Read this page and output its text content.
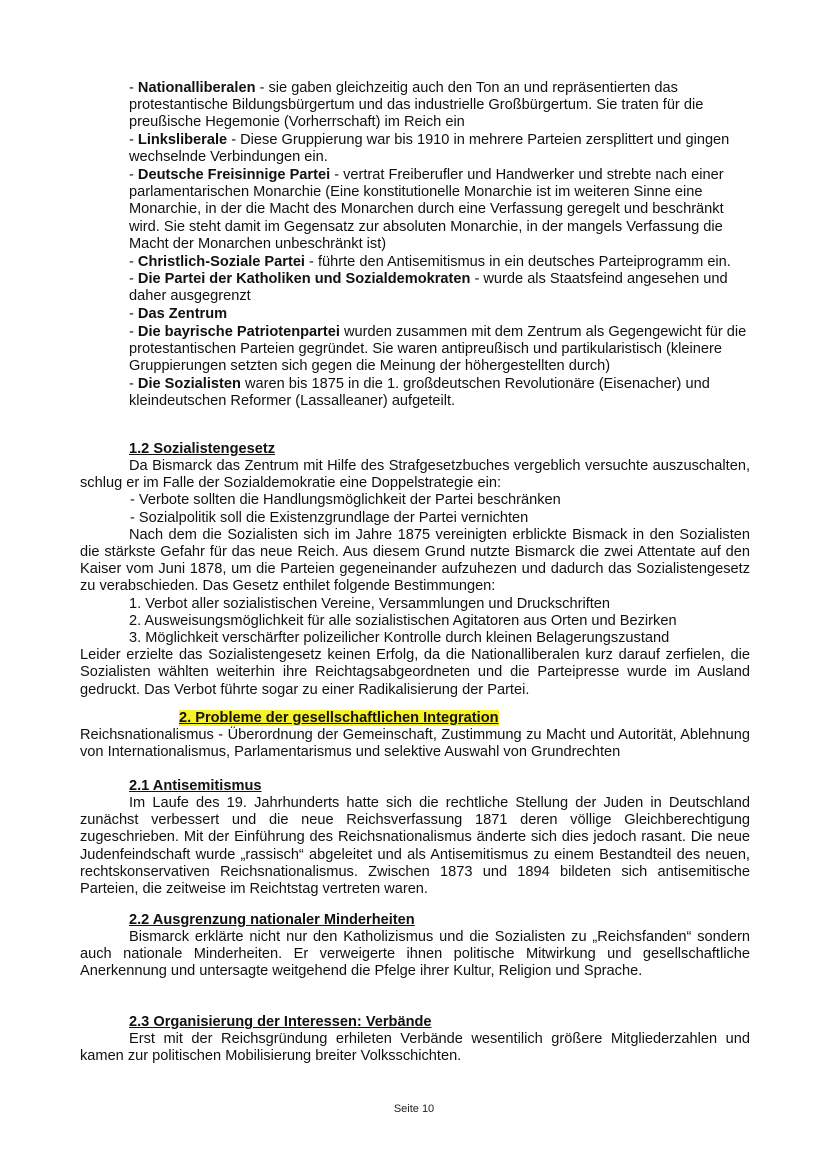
- Nationalliberalen - sie gaben gleichzeitig auch den Ton an und repräsentierten das protestantische Bildungsbürgertum und das industrielle Großbürgertum. Sie traten für die preußische Hegemonie (Vorherrschaft) im Reich ein

- Linksliberale - Diese Gruppierung war bis 1910 in mehrere Parteien zersplittert und gingen wechselnde Verbindungen ein.

- Deutsche Freisinnige Partei - vertrat Freiberufler und Handwerker und strebte nach einer parlamentarischen Monarchie (Eine konstitutionelle Monarchie ist im weiteren Sinne eine Monarchie, in der die Macht des Monarchen durch eine Verfassung geregelt und beschränkt wird. Sie steht damit im Gegensatz zur absoluten Monarchie, in der mangels Verfassung die Macht der Monarchen unbeschränkt ist)

- Christlich-Soziale Partei - führte den Antisemitismus in ein deutsches Parteiprogramm ein.

- Die Partei der Katholiken und Sozialdemokraten - wurde als Staatsfeind angesehen und daher ausgegrenzt

- Das Zentrum

- Die bayrische Patriotenpartei wurden zusammen mit dem Zentrum als Gegengewicht für die protestantischen Parteien gegründet. Sie waren antipreußisch und partikularistisch (kleinere Gruppierungen setzten sich gegen die Meinung der höhergestellten durch)

- Die Sozialisten waren bis 1875 in die 1. großdeutschen Revolutionäre (Eisenacher) und kleindeutschen Reformer (Lassalleaner) aufgeteilt.

1.2 Sozialistengesetz

Da Bismarck das Zentrum mit Hilfe des Strafgesetzbuches vergeblich versuchte auszuschalten, schlug er im Falle der Sozialdemokratie eine Doppelstrategie ein:

- Verbote sollten die Handlungsmöglichkeit der Partei beschränken

- Sozialpolitik soll die Existenzgrundlage der Partei vernichten

Nach dem die Sozialisten sich im Jahre 1875 vereinigten erblickte Bismack in den Sozialisten die stärkste Gefahr für das neue Reich. Aus diesem Grund nutzte Bismarck die zwei Attentate auf den Kaiser vom Juni 1878, um die Parteien gegeneinander aufzuhezen und dadurch das Sozialistengesetz zu verabschieden. Das Gesetz enthilet folgende Bestimmungen:

1. Verbot aller sozialistischen Vereine, Versammlungen und Druckschriften

2. Ausweisungsmöglichkeit für alle sozialistischen Agitatoren aus Orten und Bezirken

3. Möglichkeit verschärfter polizeilicher Kontrolle durch kleinen Belagerungszustand

Leider erzielte das Sozialistengesetz keinen Erfolg, da die Nationalliberalen kurz darauf zerfielen, die Sozialisten wählten weiterhin ihre Reichtagsabgeordneten und die Parteipresse wurde im Ausland gedruckt. Das Verbot führte sogar zu einer Radikalisierung der Partei.

2. Probleme der gesellschaftlichen Integration

Reichsnationalismus - Überordnung der Gemeinschaft, Zustimmung zu Macht und Autorität, Ablehnung von Internationalismus, Parlamentarismus und selektive Auswahl von Grundrechten

2.1 Antisemitismus

Im Laufe des 19. Jahrhunderts hatte sich die rechtliche Stellung der Juden in Deutschland zunächst verbessert und die neue Reichsverfassung 1871 deren völlige Gleichberechtigung zugeschrieben. Mit der Einführung des Reichsnationalismus änderte sich dies jedoch rasant. Die neue Judenfeindschaft wurde „rassisch“ abgeleitet und als Antisemitismus zu einem Bestandteil des neuen, rechtskonservativen Reichsnationalismus. Zwischen 1873 und 1894 bildeten sich antisemitische Parteien, die zeitweise im Reichtstag vertreten waren.

2.2 Ausgrenzung nationaler Minderheiten

Bismarck erklärte nicht nur den Katholizismus und die Sozialisten zu „Reichsfanden“ sondern auch nationale Minderheiten. Er verweigerte ihnen politische Mitwirkung und gesellschaftliche Anerkennung und untersagte weitgehend die Pfelge ihrer Kultur, Religion und Sprache.

2.3 Organisierung der Interessen: Verbände

Erst mit der Reichsgründung erhileten Verbände wesentilich größere Mitgliederzahlen und kamen zur politischen Mobilisierung breiter Volksschichten.

Seite 10
